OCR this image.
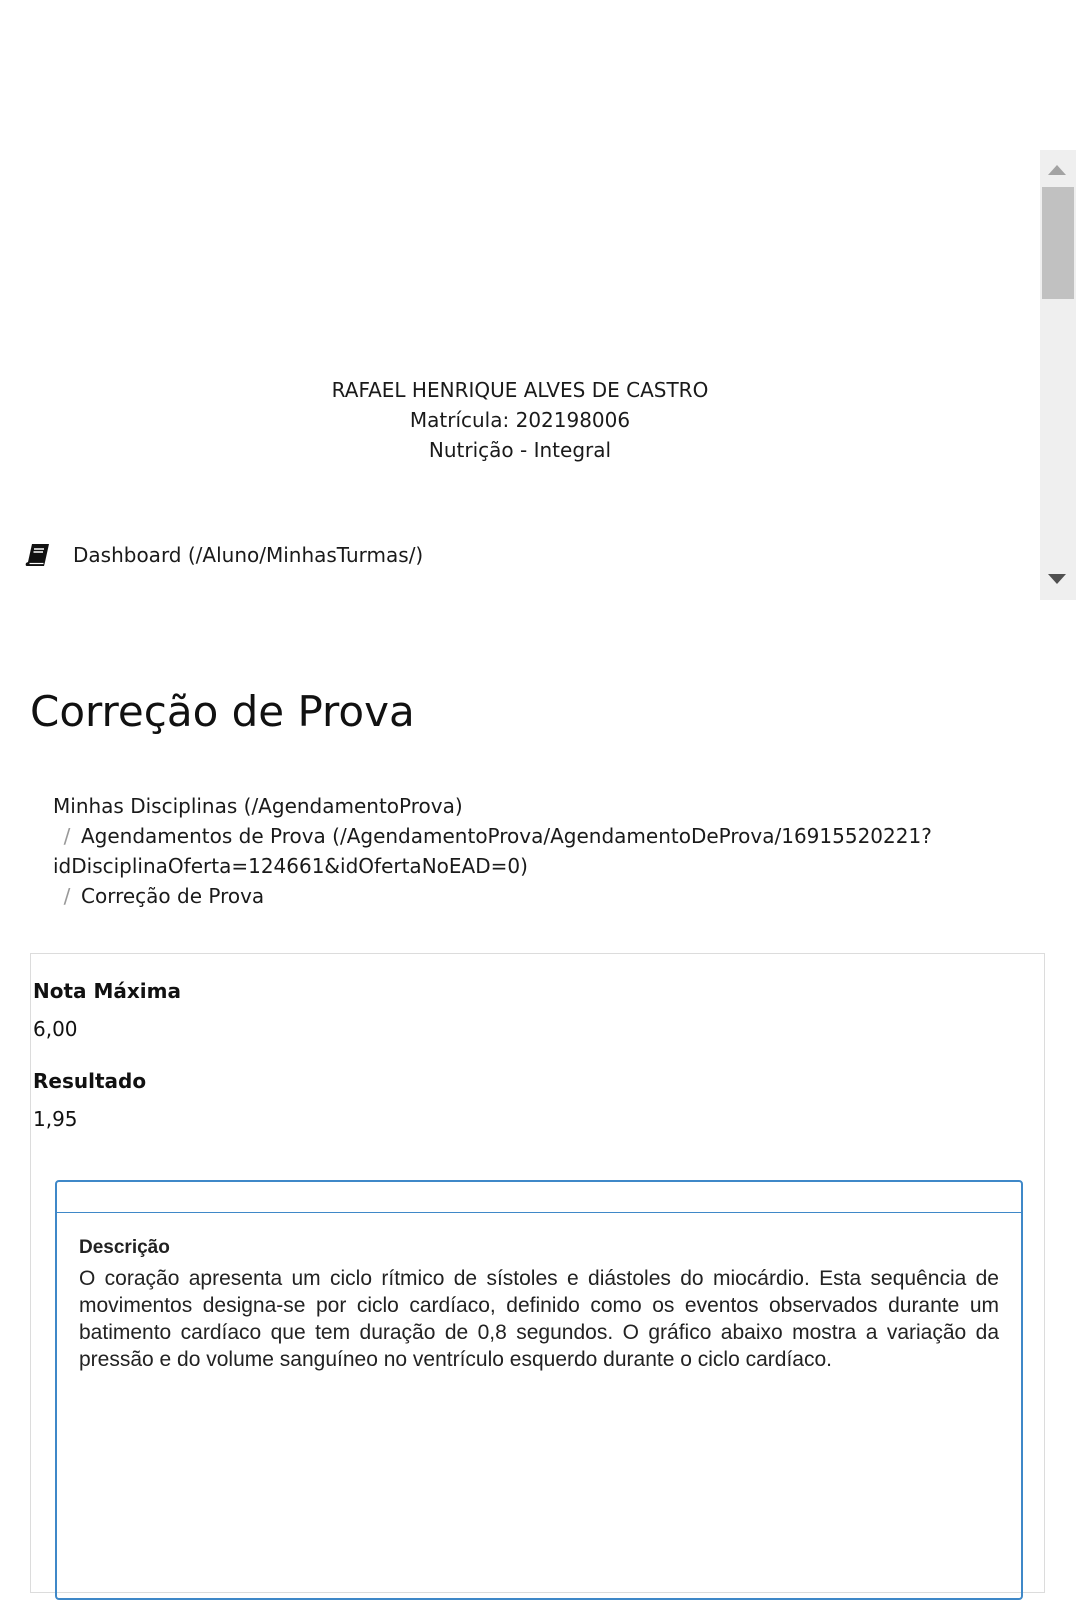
RAFAEL HENRIQUE ALVES DE CASTRO
Matrícula: 202198006
Nutrição - Integral
Dashboard (/Aluno/MinhasTurmas/)
Correção de Prova
Minhas Disciplinas (/AgendamentoProva)
/ Agendamentos de Prova (/AgendamentoProva/AgendamentoDeProva/16915520221?
idDisciplinaOferta=124661&idOfertaNoEAD=0)
/ Correção de Prova
Nota Máxima
6,00
Resultado
1,95
Descrição

O coração apresenta um ciclo rítmico de sístoles e diástoles do miocárdio. Esta sequência de movimentos designa-se por ciclo cardíaco, definido como os eventos observados durante um batimento cardíaco que tem duração de 0,8 segundos. O gráfico abaixo mostra a variação da pressão e do volume sanguíneo no ventrículo esquerdo durante o ciclo cardíaco.
